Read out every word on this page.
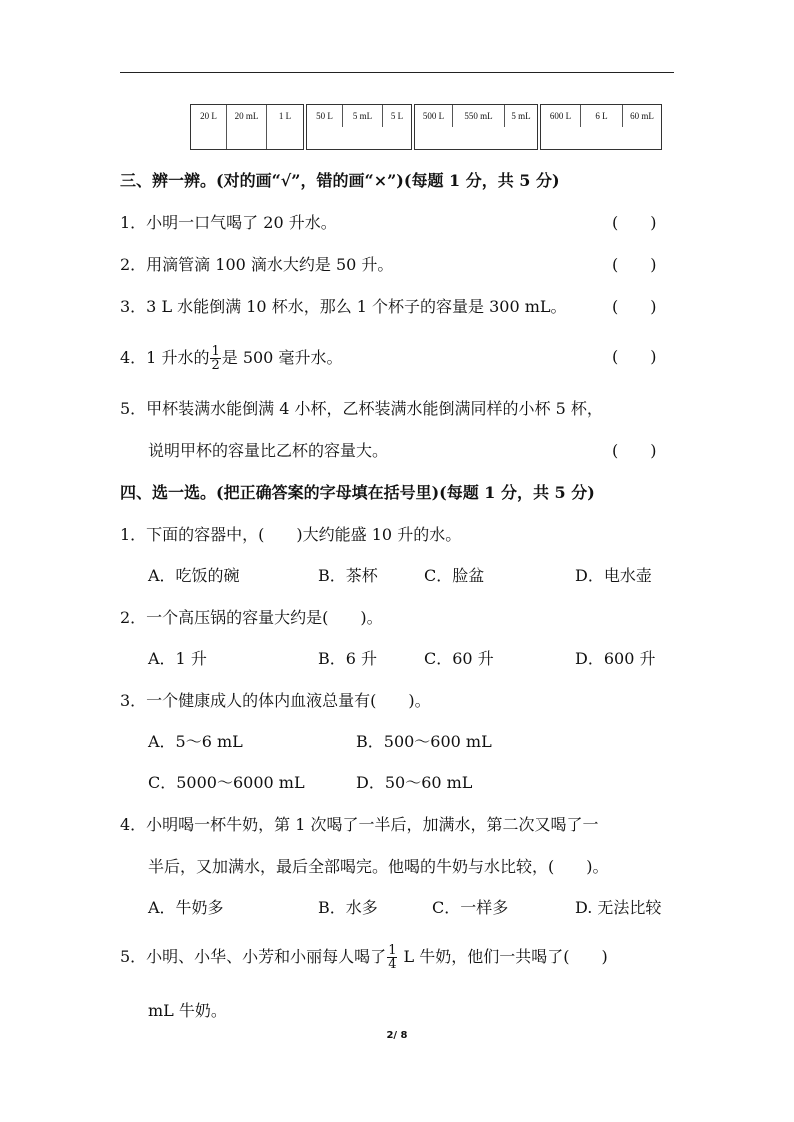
20 L	20 mL	1 L	50 L	5 mL	5 L	500 L	550 mL	5 mL	600 L	6 L	60 mL
三、辨一辨。(对的画“√”，错的画“×”)(每题 1 分，共 5 分)
1．小明一口气喝了 20 升水。	(　　)
2．用滴管滴 100 滴水大约是 50 升。	(　　)
3．3 L 水能倒满 10 杯水，那么 1 个杯子的容量是 300 mL。	(　　)
4．1 升水的 $\frac{1}{2}$ 是 500 毫升水。	(　　)
5．甲杯装满水能倒满 4 小杯，乙杯装满水能倒满同样的小杯 5 杯，
说明甲杯的容量比乙杯的容量大。	(　　)
四、选一选。(把正确答案的字母填在括号里)(每题 1 分，共 5 分)
1．下面的容器中，(　　)大约能盛 10 升的水。
A．吃饭的碗	B．茶杯	C．脸盆	D．电水壶
2．一个高压锅的容量大约是(　　)。
A．1 升	B．6 升	C．60 升	D．600 升
3．一个健康成人的体内血液总量有(　　)。
A．5～6 mL	B．500～600 mL
C．5000～6000 mL	D．50～60 mL
4．小明喝一杯牛奶，第 1 次喝了一半后，加满水，第二次又喝了一
半后，又加满水，最后全部喝完。他喝的牛奶与水比较，(　　)。
A．牛奶多	B．水多	C．一样多	D. 无法比较
5．小明、小华、小芳和小丽每人喝了 $\frac{1}{4}$ L 牛奶，他们一共喝了(　　)
mL 牛奶。
2/ 8
